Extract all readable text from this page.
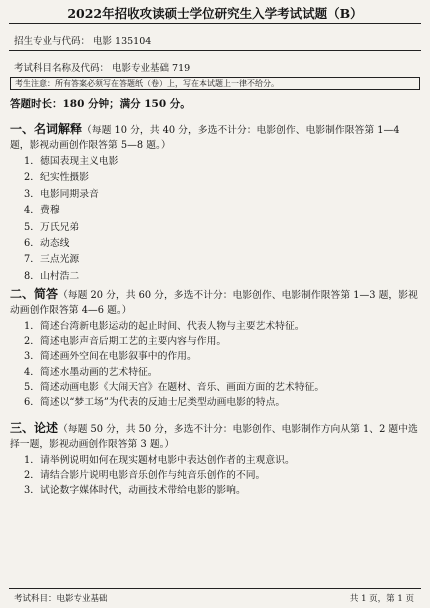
2022年招收攻读硕士学位研究生入学考试试题（B）
招生专业与代码： 电影 135104
考试科目名称及代码： 电影专业基础 719
考生注意：所有答案必须写在答题纸（卷）上，写在本试题上一律不给分。
答题时长：180 分钟；满分 150 分。
一、名词解释（每题 10 分，共 40 分，多选不计分：电影创作、电影制作限答第 1—4 题，影视动画创作限答第 5—8 题。）
1．德国表现主义电影
2．纪实性摄影
3．电影同期录音
4．费穆
5．万氏兄弟
6．动态线
7．三点光源
8．山村浩二
二、简答（每题 20 分，共 60 分，多选不计分：电影创作、电影制作限答第 1—3 题，影视动画创作限答第 4—6 题。）
1．简述台湾新电影运动的起止时间、代表人物与主要艺术特征。
2．简述电影声音后期工艺的主要内容与作用。
3．简述画外空间在电影叙事中的作用。
4．简述水墨动画的艺术特征。
5．简述动画电影《大闹天宫》在题材、音乐、画面方面的艺术特征。
6．简述以“梦工场”为代表的反迪士尼类型动画电影的特点。
三、论述（每题 50 分，共 50 分，多选不计分：电影创作、电影制作方向从第 1、2 题中选择一题，影视动画创作限答第 3 题。）
1．请举例说明如何在现实题材电影中表达创作者的主观意识。
2．请结合影片说明电影音乐创作与纯音乐创作的不同。
3．试论数字媒体时代，动画技术带给电影的影响。
考试科目：电影专业基础	共 1 页，第 1 页
